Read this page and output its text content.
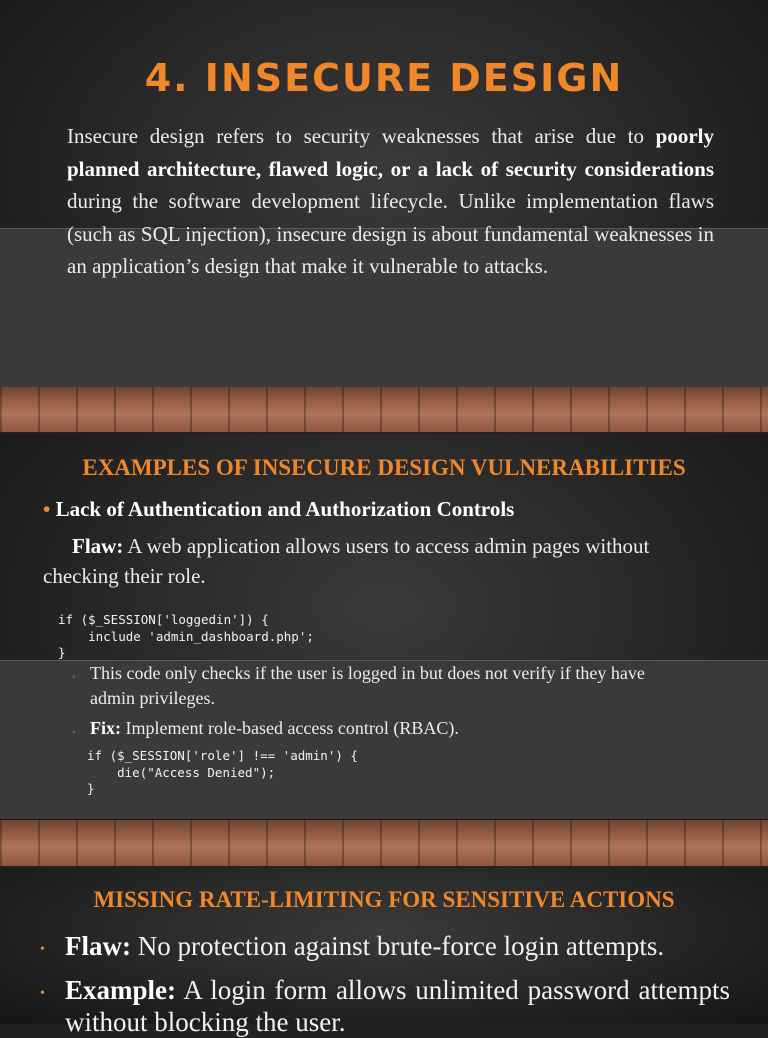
4. INSECURE DESIGN

Insecure design refers to security weaknesses that arise due to poorly planned architecture, flawed logic, or a lack of security considerations during the software development lifecycle. Unlike implementation flaws (such as SQL injection), insecure design is about fundamental weaknesses in an application’s design that make it vulnerable to attacks.

EXAMPLES OF INSECURE DESIGN VULNERABILITIES

• Lack of Authentication and Authorization Controls

Flaw: A web application allows users to access admin pages without checking their role.

if ($_SESSION['loggedin']) {
include 'admin_dashboard.php';
}

◦ This code only checks if the user is logged in but does not verify if they have admin privileges.

◦ Fix: Implement role-based access control (RBAC).

if ($_SESSION['role'] !== 'admin') {
die("Access Denied");
}
MISSING RATE-LIMITING FOR SENSITIVE ACTIONS

• Flaw: No protection against brute-force login attempts.

• Example: A login form allows unlimited password attempts without blocking the user.
